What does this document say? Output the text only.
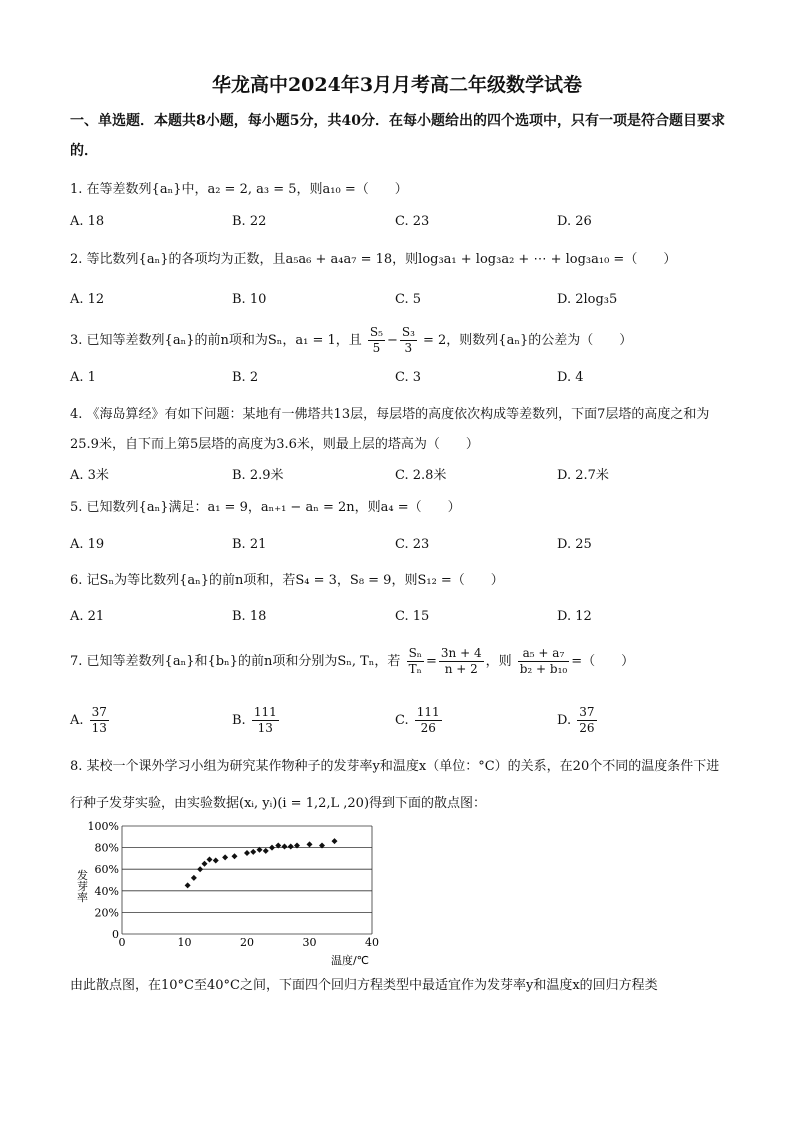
华龙高中2024年3月月考高二年级数学试卷
一、单选题．本题共8小题，每小题5分，共40分．在每小题给出的四个选项中，只有一项是符合题目要求的．
1. 在等差数列{aₙ}中，a₂ = 2, a₃ = 5，则a₁₀ =（　　）
A. 18	B. 22	C. 23	D. 26
2. 等比数列{aₙ}的各项均为正数，且a₅a₆ + a₄a₇ = 18，则log₃a₁ + log₃a₂ + ⋯ + log₃a₁₀ =（　　）
A. 12	B. 10	C. 5	D. 2log₃5
3. 已知等差数列{aₙ}的前n项和为Sₙ，a₁ = 1，且 $\frac{\text{S₅}}{5} - \frac{\text{S₃}}{3} = 2$，则数列{aₙ}的公差为（　　）
A. 1	B. 2	C. 3	D. 4
4. 《海岛算经》有如下问题：某地有一佛塔共13层，每层塔的高度依次构成等差数列，下面7层塔的高度之和为25.9米，自下而上第5层塔的高度为3.6米，则最上层的塔高为（　　）
A. 3米	B. 2.9米	C. 2.8米	D. 2.7米
5. 已知数列{aₙ}满足：a₁ = 9，aₙ₊₁ − aₙ = 2n，则a₄ =（　　）
A. 19	B. 21	C. 23	D. 25
6. 记Sₙ为等比数列{aₙ}的前n项和，若S₄ = 3，S₈ = 9，则S₁₂ =（　　）
A. 21	B. 18	C. 15	D. 12
7. 已知等差数列{aₙ}和{bₙ}的前n项和分别为Sₙ, Tₙ，若 $\frac{\text{Sₙ}}{\text{Tₙ}} = \frac{3n + 4}{n + 2}$ ，则 $\frac{\text{a₅ + a₇}}{\text{b₂ + b₁₀}}$ =（　　）
A. $\frac{37}{13}$	B. $\frac{111}{13}$	C. $\frac{111}{26}$	D. $\frac{37}{26}$
8. 某校一个课外学习小组为研究某作物种子的发芽率y和温度x（单位：°C）的关系，在20个不同的温度条件下进行种子发芽实验，由实验数据(xᵢ, yᵢ)(i = 1,2,L ,20)得到下面的散点图：
发芽率
0
20%
40%
60%
80%
100%
0	10	20	30	40
温度/℃
由此散点图，在10°C至40°C之间，下面四个回归方程类型中最适宜作为发芽率y和温度x的回归方程类
